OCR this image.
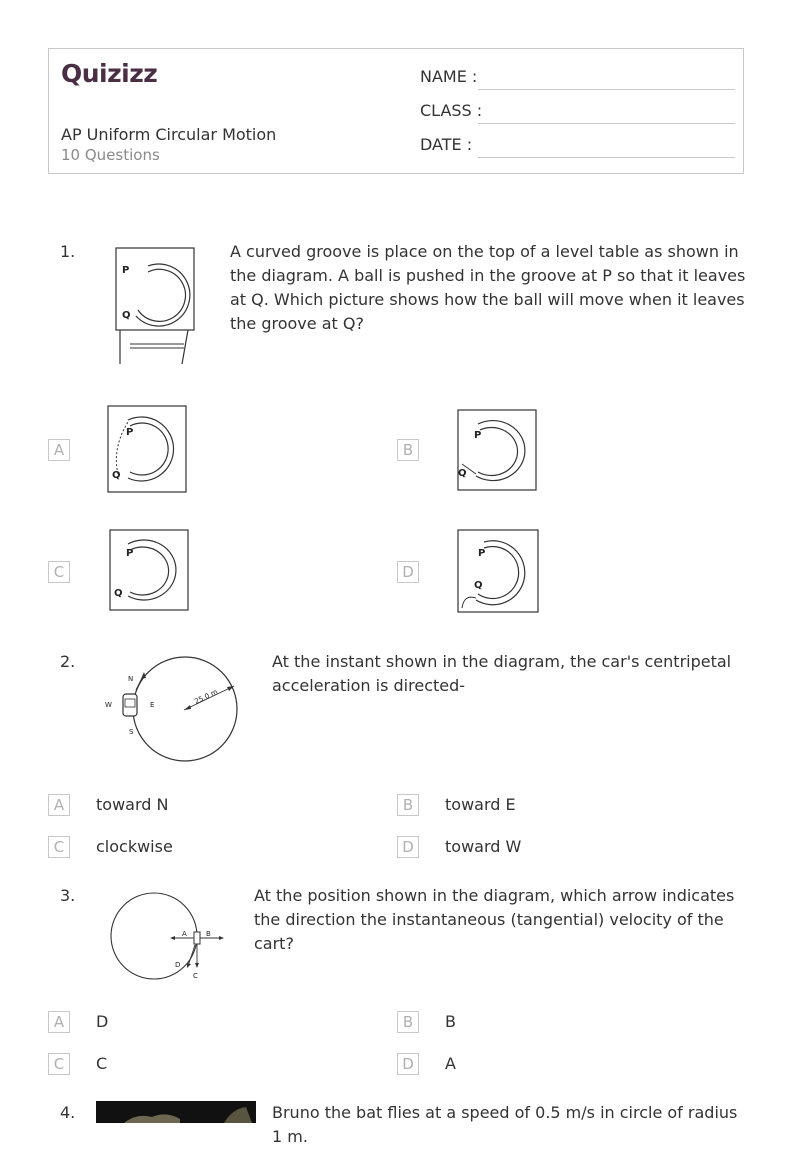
Quizizz
AP Uniform Circular Motion
10 Questions
NAME :
CLASS :
DATE :
1.
P
Q
A curved groove is place on the top of a level table as shown in the diagram. A ball is pushed in the groove at P so that it leaves at Q. Which picture shows how the ball will move when it leaves the groove at Q?
A
P
Q
B
P
Q
C
P
Q
D
P
Q
2.
25.0 m
N
S
W	E
At the instant shown in the diagram, the car's centripetal acceleration is directed-
A	toward N	B	toward E
C	clockwise	D	toward W
3.
A	B
C
D
At the position shown in the diagram, which arrow indicates the direction the instantaneous (tangential) velocity of the cart?
A	D	B	B
C	C	D	A
4.	Bruno the bat flies at a speed of 0.5 m/s in circle of radius 1 m.
